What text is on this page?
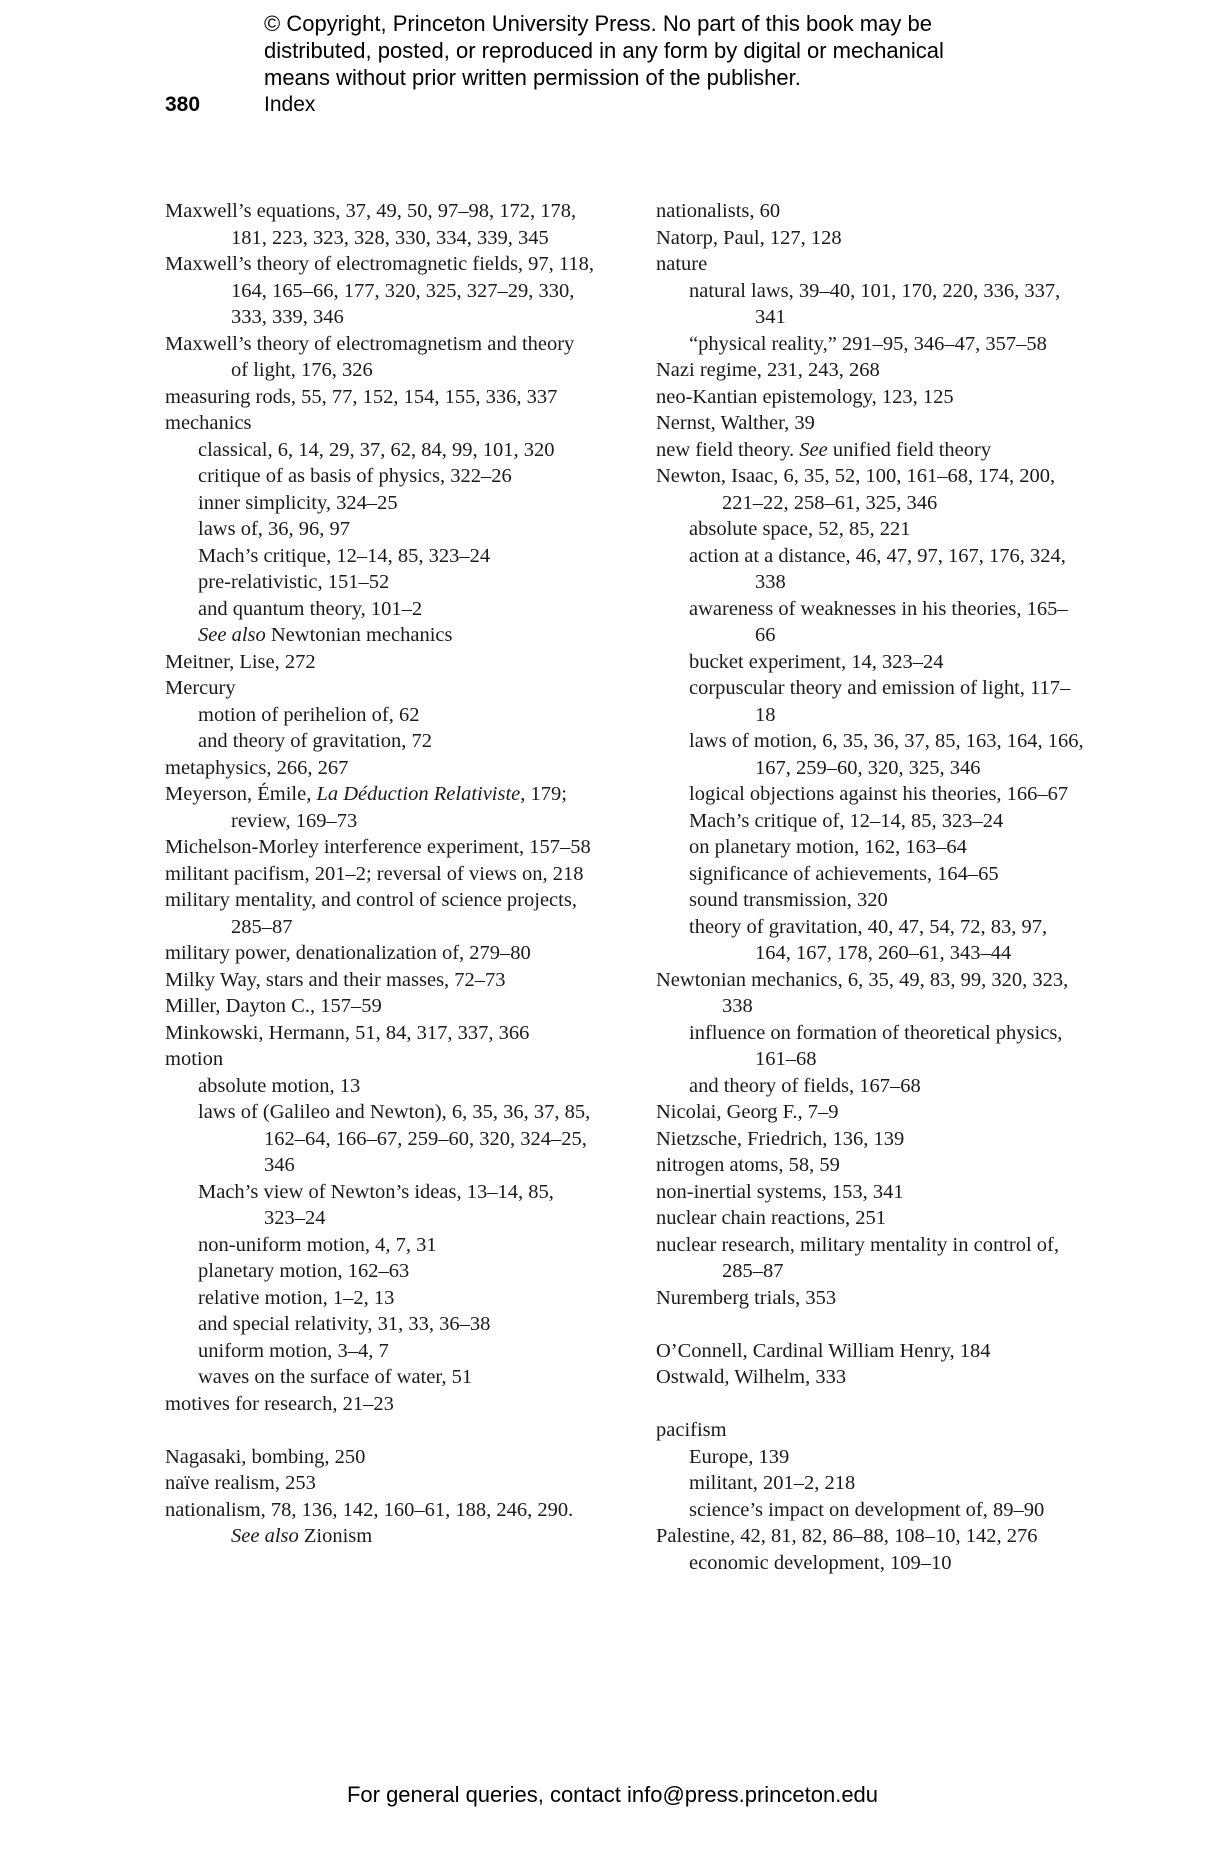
© Copyright, Princeton University Press. No part of this book may be
distributed, posted, or reproduced in any form by digital or mechanical
means without prior written permission of the publisher.
380	Index

Maxwell’s equations, 37, 49, 50, 97–98, 172, 178, 181, 223, 323, 328, 330, 334, 339, 345

Maxwell’s theory of electromagnetic fields, 97, 118, 164, 165–66, 177, 320, 325, 327–29, 330, 333, 339, 346

Maxwell’s theory of electromagnetism and theory of light, 176, 326

measuring rods, 55, 77, 152, 154, 155, 336, 337

mechanics

classical, 6, 14, 29, 37, 62, 84, 99, 101, 320

critique of as basis of physics, 322–26

inner simplicity, 324–25

laws of, 36, 96, 97

Mach’s critique, 12–14, 85, 323–24

pre-relativistic, 151–52

and quantum theory, 101–2

See also Newtonian mechanics

Meitner, Lise, 272

Mercury

motion of perihelion of, 62

and theory of gravitation, 72

metaphysics, 266, 267

Meyerson, Émile, La Déduction Relativiste, 179; review, 169–73

Michelson-Morley interference experiment, 157–58

militant pacifism, 201–2; reversal of views on, 218

military mentality, and control of science projects, 285–87

military power, denationalization of, 279–80

Milky Way, stars and their masses, 72–73

Miller, Dayton C., 157–59

Minkowski, Hermann, 51, 84, 317, 337, 366

motion

absolute motion, 13

laws of (Galileo and Newton), 6, 35, 36, 37, 85, 162–64, 166–67, 259–60, 320, 324–25, 346

Mach’s view of Newton’s ideas, 13–14, 85, 323–24

non-uniform motion, 4, 7, 31

planetary motion, 162–63

relative motion, 1–2, 13

and special relativity, 31, 33, 36–38

uniform motion, 3–4, 7

waves on the surface of water, 51

motives for research, 21–23

Nagasaki, bombing, 250

naïve realism, 253

nationalism, 78, 136, 142, 160–61, 188, 246, 290. See also Zionism

nationalists, 60

Natorp, Paul, 127, 128

nature

natural laws, 39–40, 101, 170, 220, 336, 337, 341

“physical reality,” 291–95, 346–47, 357–58

Nazi regime, 231, 243, 268

neo-Kantian epistemology, 123, 125

Nernst, Walther, 39

new field theory. See unified field theory

Newton, Isaac, 6, 35, 52, 100, 161–68, 174, 200, 221–22, 258–61, 325, 346

absolute space, 52, 85, 221

action at a distance, 46, 47, 97, 167, 176, 324, 338

awareness of weaknesses in his theories, 165–66

bucket experiment, 14, 323–24

corpuscular theory and emission of light, 117–18

laws of motion, 6, 35, 36, 37, 85, 163, 164, 166, 167, 259–60, 320, 325, 346

logical objections against his theories, 166–67

Mach’s critique of, 12–14, 85, 323–24

on planetary motion, 162, 163–64

significance of achievements, 164–65

sound transmission, 320

theory of gravitation, 40, 47, 54, 72, 83, 97, 164, 167, 178, 260–61, 343–44

Newtonian mechanics, 6, 35, 49, 83, 99, 320, 323, 338

influence on formation of theoretical physics, 161–68

and theory of fields, 167–68

Nicolai, Georg F., 7–9

Nietzsche, Friedrich, 136, 139

nitrogen atoms, 58, 59

non-inertial systems, 153, 341

nuclear chain reactions, 251

nuclear research, military mentality in control of, 285–87

Nuremberg trials, 353

O’Connell, Cardinal William Henry, 184

Ostwald, Wilhelm, 333

pacifism

Europe, 139

militant, 201–2, 218

science’s impact on development of, 89–90

Palestine, 42, 81, 82, 86–88, 108–10, 142, 276

economic development, 109–10

For general queries, contact info@press.princeton.edu
